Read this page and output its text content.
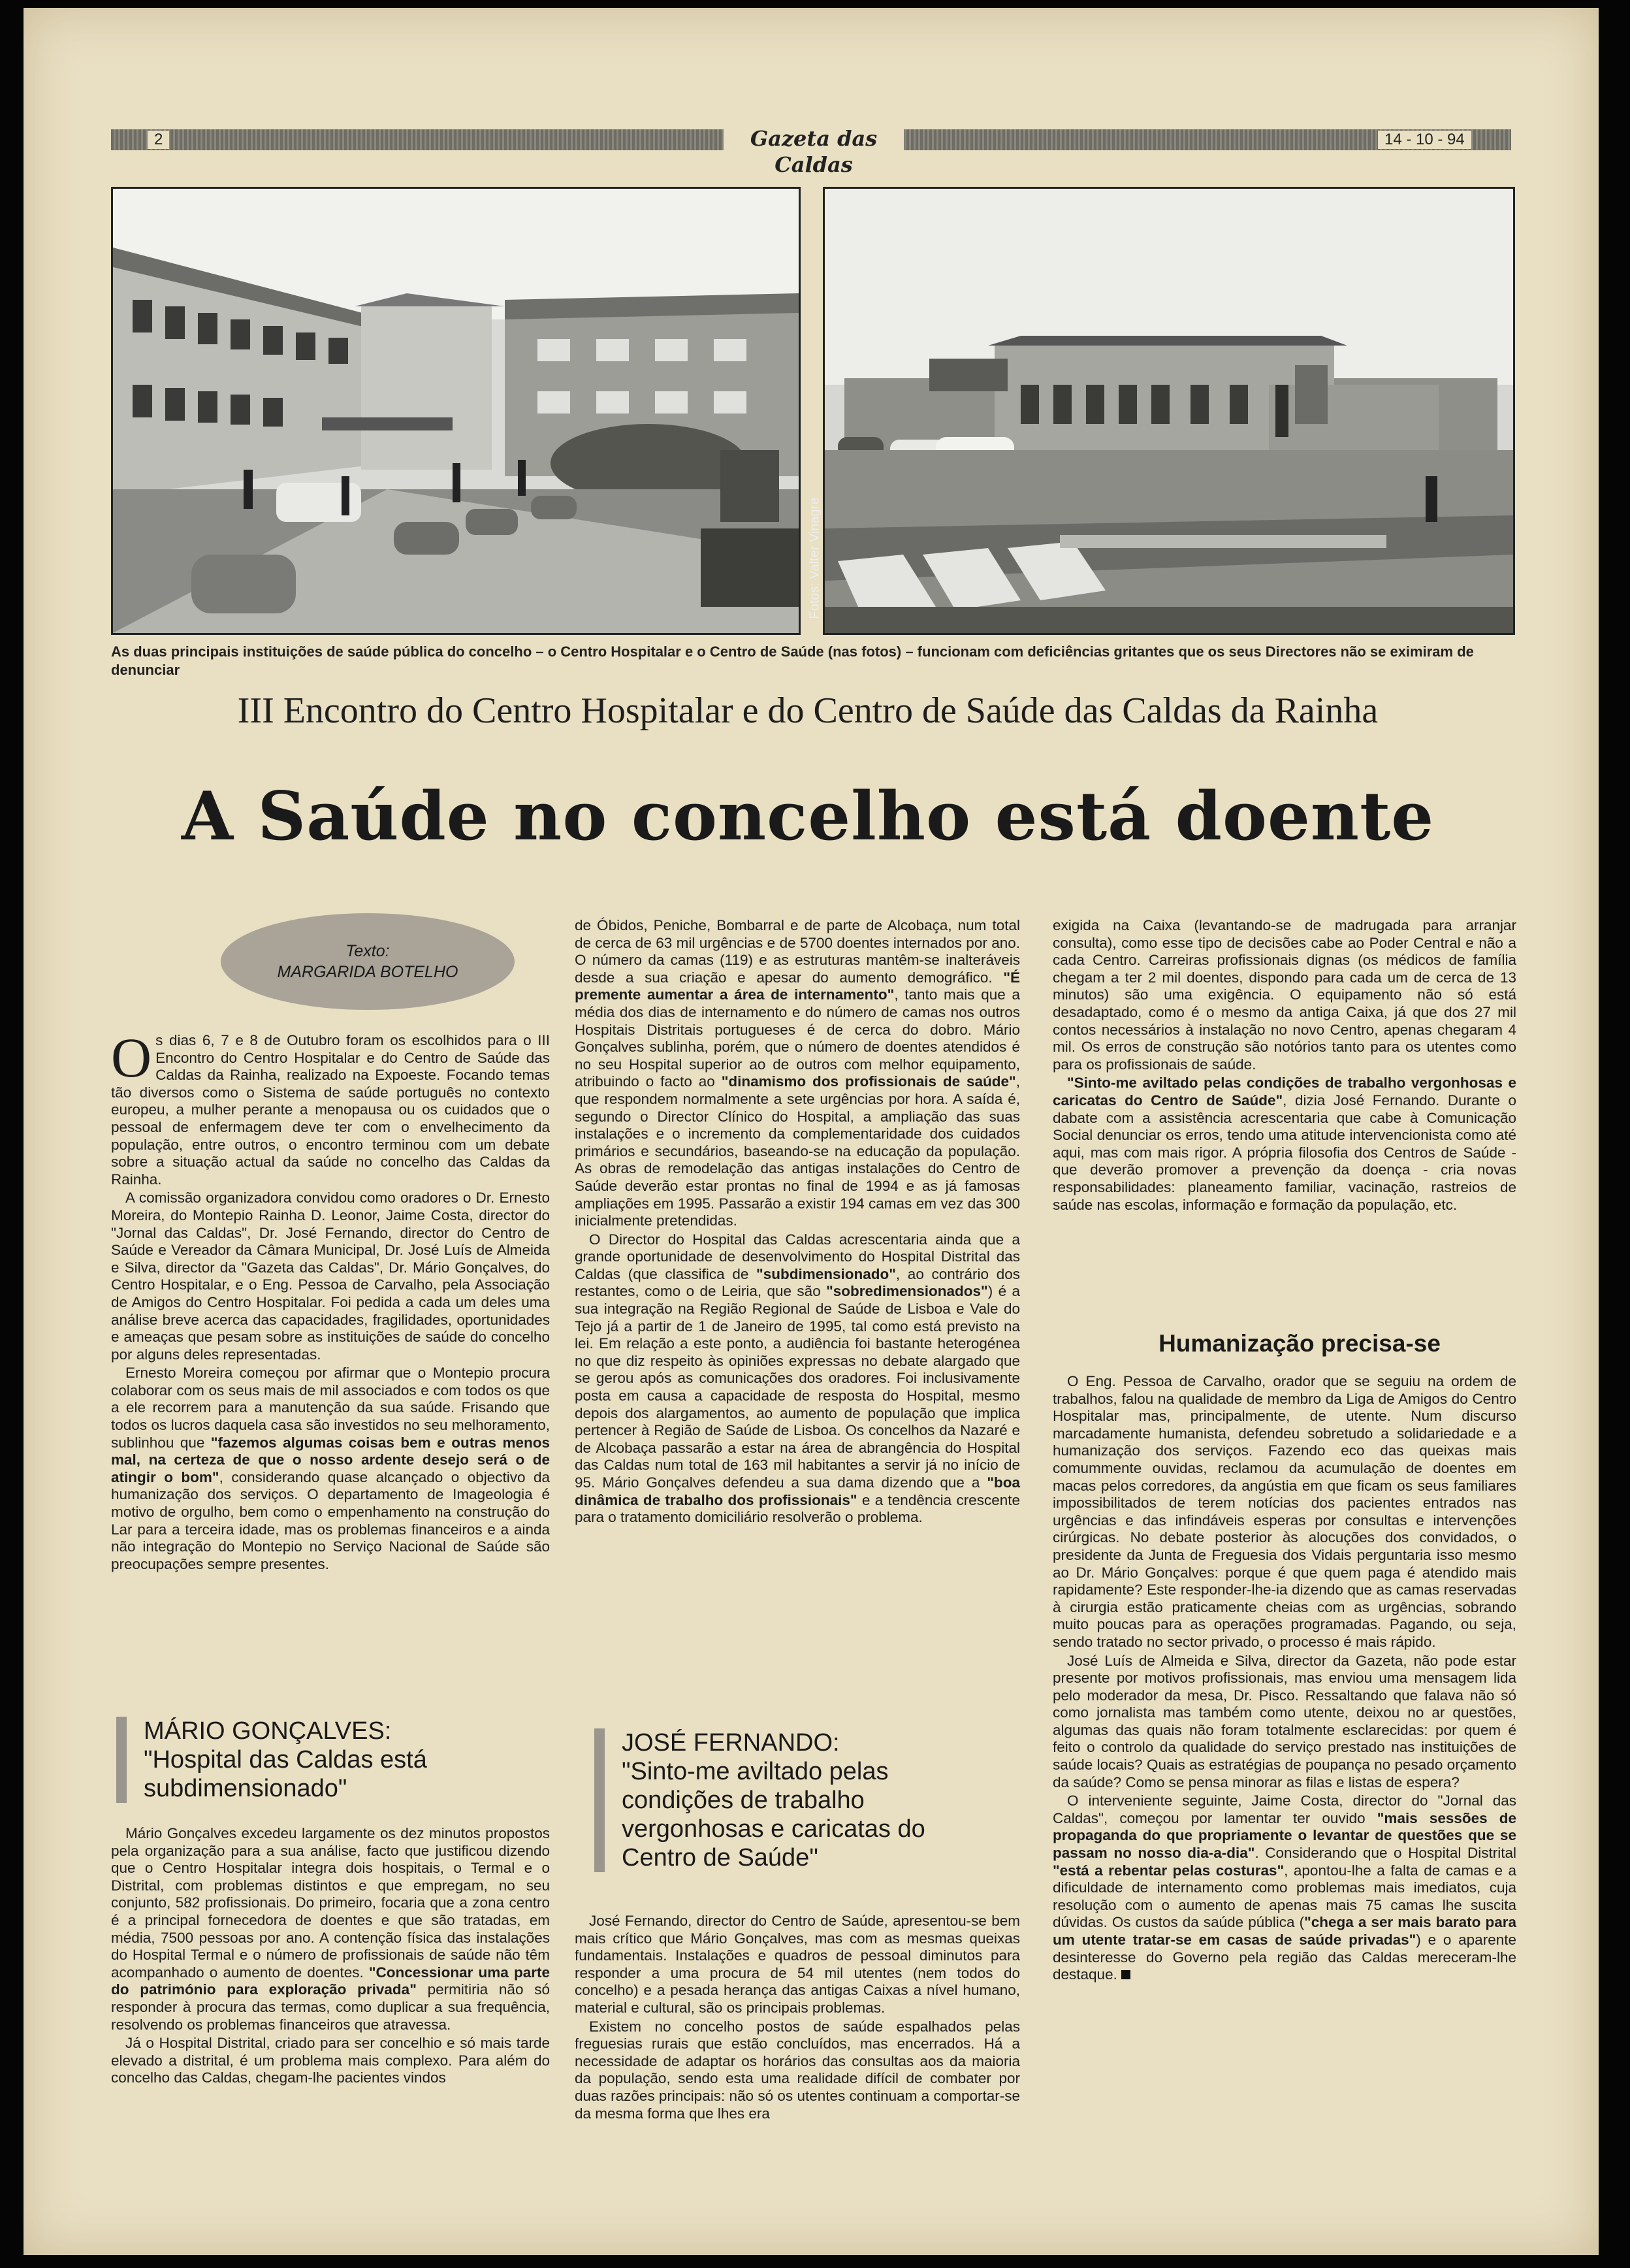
2	Gazeta das Caldas
14 - 10 - 94
Fotos: Valter Vinagre
As duas principais instituições de saúde pública do concelho – o Centro Hospitalar e o Centro de Saúde (nas fotos) – funcionam com deficiências gritantes que os seus Directores não se eximiram de denunciar
III Encontro do Centro Hospitalar e do Centro de Saúde das Caldas da Rainha
A Saúde no concelho está doente
Texto:
MARGARIDA BOTELHO

Os dias 6, 7 e 8 de Outubro foram os escolhidos para o III Encontro do Centro Hospitalar e do Centro de Saúde das Caldas da Rainha, realizado na Expoeste. Focando temas tão diversos como o Sistema de saúde português no contexto europeu, a mulher perante a menopausa ou os cuidados que o pessoal de enfermagem deve ter com o envelhecimento da população, entre outros, o encontro terminou com um debate sobre a situação actual da saúde no concelho das Caldas da Rainha.

A comissão organizadora convidou como oradores o Dr. Ernesto Moreira, do Montepio Rainha D. Leonor, Jaime Costa, director do "Jornal das Caldas", Dr. José Fernando, director do Centro de Saúde e Vereador da Câmara Municipal, Dr. José Luís de Almeida e Silva, director da "Gazeta das Caldas", Dr. Mário Gonçalves, do Centro Hospitalar, e o Eng. Pessoa de Carvalho, pela Associação de Amigos do Centro Hospitalar. Foi pedida a cada um deles uma análise breve acerca das capacidades, fragilidades, oportunidades e ameaças que pesam sobre as instituições de saúde do concelho por alguns deles representadas.

Ernesto Moreira começou por afirmar que o Montepio procura colaborar com os seus mais de mil associados e com todos os que a ele recorrem para a manutenção da sua saúde. Frisando que todos os lucros daquela casa são investidos no seu melhoramento, sublinhou que "fazemos algumas coisas bem e outras menos mal, na certeza de que o nosso ardente desejo será o de atingir o bom", considerando quase alcançado o objectivo da humanização dos serviços. O departamento de Imageologia é motivo de orgulho, bem como o empenhamento na construção do Lar para a terceira idade, mas os problemas financeiros e a ainda não integração do Montepio no Serviço Nacional de Saúde são preocupações sempre presentes.

MÁRIO GONÇALVES:
"Hospital das Caldas está subdimensionado"

Mário Gonçalves excedeu largamente os dez minutos propostos pela organização para a sua análise, facto que justificou dizendo que o Centro Hospitalar integra dois hospitais, o Termal e o Distrital, com problemas distintos e que empregam, no seu conjunto, 582 profissionais. Do primeiro, focaria que a zona centro é a principal fornecedora de doentes e que são tratadas, em média, 7500 pessoas por ano. A contenção física das instalações do Hospital Termal e o número de profissionais de saúde não têm acompanhado o aumento de doentes. "Concessionar uma parte do património para exploração privada" permitiria não só responder à procura das termas, como duplicar a sua frequência, resolvendo os problemas financeiros que atravessa.

Já o Hospital Distrital, criado para ser concelhio e só mais tarde elevado a distrital, é um problema mais complexo. Para além do concelho das Caldas, chegam-lhe pacientes vindos

de Óbidos, Peniche, Bombarral e de parte de Alcobaça, num total de cerca de 63 mil urgências e de 5700 doentes internados por ano. O número da camas (119) e as estruturas mantêm-se inalteráveis desde a sua criação e apesar do aumento demográfico. "É premente aumentar a área de internamento", tanto mais que a média dos dias de internamento e do número de camas nos outros Hospitais Distritais portugueses é de cerca do dobro. Mário Gonçalves sublinha, porém, que o número de doentes atendidos é no seu Hospital superior ao de outros com melhor equipamento, atribuindo o facto ao "dinamismo dos profissionais de saúde", que respondem normalmente a sete urgências por hora. A saída é, segundo o Director Clínico do Hospital, a ampliação das suas instalações e o incremento da complementaridade dos cuidados primários e secundários, baseando-se na educação da população. As obras de remodelação das antigas instalações do Centro de Saúde deverão estar prontas no final de 1994 e as já famosas ampliações em 1995. Passarão a existir 194 camas em vez das 300 inicialmente pretendidas.

O Director do Hospital das Caldas acrescentaria ainda que a grande oportunidade de desenvolvimento do Hospital Distrital das Caldas (que classifica de "subdimensionado", ao contrário dos restantes, como o de Leiria, que são "sobredimensionados") é a sua integração na Região Regional de Saúde de Lisboa e Vale do Tejo já a partir de 1 de Janeiro de 1995, tal como está previsto na lei. Em relação a este ponto, a audiência foi bastante heterogénea no que diz respeito às opiniões expressas no debate alargado que se gerou após as comunicações dos oradores. Foi inclusivamente posta em causa a capacidade de resposta do Hospital, mesmo depois dos alargamentos, ao aumento de população que implica pertencer à Região de Saúde de Lisboa. Os concelhos da Nazaré e de Alcobaça passarão a estar na área de abrangência do Hospital das Caldas num total de 163 mil habitantes a servir já no início de 95. Mário Gonçalves defendeu a sua dama dizendo que a "boa dinâmica de trabalho dos profissionais" e a tendência crescente para o tratamento domiciliário resolverão o problema.

JOSÉ FERNANDO:
"Sinto-me aviltado pelas condições de trabalho vergonhosas e caricatas do Centro de Saúde"

José Fernando, director do Centro de Saúde, apresentou-se bem mais crítico que Mário Gonçalves, mas com as mesmas queixas fundamentais. Instalações e quadros de pessoal diminutos para responder a uma procura de 54 mil utentes (nem todos do concelho) e a pesada herança das antigas Caixas a nível humano, material e cultural, são os principais problemas.

Existem no concelho postos de saúde espalhados pelas freguesias rurais que estão concluídos, mas encerrados. Há a necessidade de adaptar os horários das consultas aos da maioria da população, sendo esta uma realidade difícil de combater por duas razões principais: não só os utentes continuam a comportar-se da mesma forma que lhes era

exigida na Caixa (levantando-se de madrugada para arranjar consulta), como esse tipo de decisões cabe ao Poder Central e não a cada Centro. Carreiras profissionais dignas (os médicos de família chegam a ter 2 mil doentes, dispondo para cada um de cerca de 13 minutos) são uma exigência. O equipamento não só está desadaptado, como é o mesmo da antiga Caixa, já que dos 27 mil contos necessários à instalação no novo Centro, apenas chegaram 4 mil. Os erros de construção são notórios tanto para os utentes como para os profissionais de saúde.

"Sinto-me aviltado pelas condições de trabalho vergonhosas e caricatas do Centro de Saúde", dizia José Fernando. Durante o dabate com a assistência acrescentaria que cabe à Comunicação Social denunciar os erros, tendo uma atitude intervencionista como até aqui, mas com mais rigor. A própria filosofia dos Centros de Saúde - que deverão promover a prevenção da doença - cria novas responsabilidades: planeamento familiar, vacinação, rastreios de saúde nas escolas, informação e formação da população, etc.

Humanização precisa-se

O Eng. Pessoa de Carvalho, orador que se seguiu na ordem de trabalhos, falou na qualidade de membro da Liga de Amigos do Centro Hospitalar mas, principalmente, de utente. Num discurso marcadamente humanista, defendeu sobretudo a solidariedade e a humanização dos serviços. Fazendo eco das queixas mais comummente ouvidas, reclamou da acumulação de doentes em macas pelos corredores, da angústia em que ficam os seus familiares impossibilitados de terem notícias dos pacientes entrados nas urgências e das infindáveis esperas por consultas e intervenções cirúrgicas. No debate posterior às alocuções dos convidados, o presidente da Junta de Freguesia dos Vidais perguntaria isso mesmo ao Dr. Mário Gonçalves: porque é que quem paga é atendido mais rapidamente? Este responder-lhe-ia dizendo que as camas reservadas à cirurgia estão praticamente cheias com as urgências, sobrando muito poucas para as operações programadas. Pagando, ou seja, sendo tratado no sector privado, o processo é mais rápido.

José Luís de Almeida e Silva, director da Gazeta, não pode estar presente por motivos profissionais, mas enviou uma mensagem lida pelo moderador da mesa, Dr. Pisco. Ressaltando que falava não só como jornalista mas também como utente, deixou no ar questões, algumas das quais não foram totalmente esclarecidas: por quem é feito o controlo da qualidade do serviço prestado nas instituições de saúde locais? Quais as estratégias de poupança no pesado orçamento da saúde? Como se pensa minorar as filas e listas de espera?

O interveniente seguinte, Jaime Costa, director do "Jornal das Caldas", começou por lamentar ter ouvido "mais sessões de propaganda do que propriamente o levantar de questões que se passam no nosso dia-a-dia". Considerando que o Hospital Distrital "está a rebentar pelas costuras", apontou-lhe a falta de camas e a dificuldade de internamento como problemas mais imediatos, cuja resolução com o aumento de apenas mais 75 camas lhe suscita dúvidas. Os custos da saúde pública ("chega a ser mais barato para um utente tratar-se em casas de saúde privadas") e o aparente desinteresse do Governo pela região das Caldas mereceram-lhe destaque.
